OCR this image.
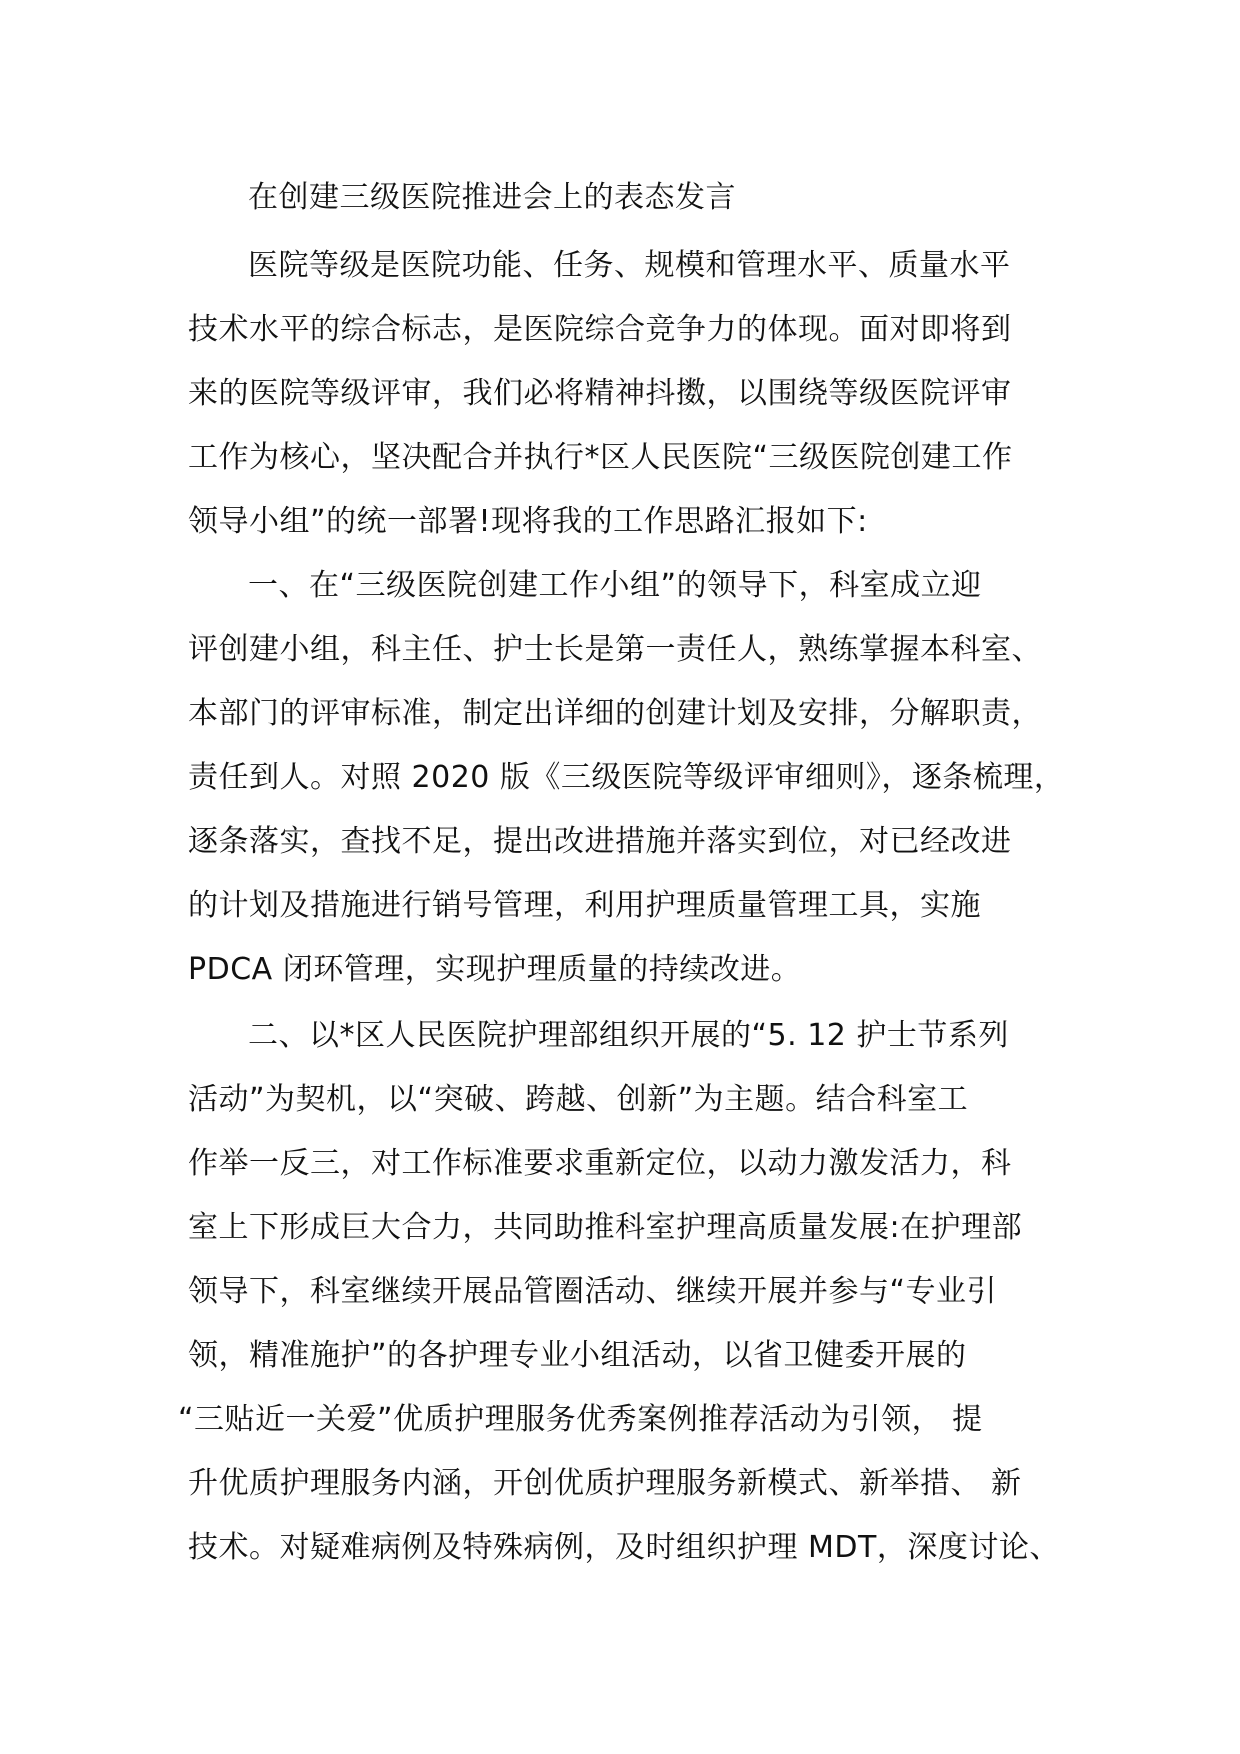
在创建三级医院推进会上的表态发言
医院等级是医院功能、任务、规模和管理水平、质量水平
技术水平的综合标志，是医院综合竞争力的体现。面对即将到
来的医院等级评审，我们必将精神抖擞，以围绕等级医院评审
工作为核心，坚决配合并执行*区人民医院“三级医院创建工作
领导小组”的统一部署!现将我的工作思路汇报如下:
一、在“三级医院创建工作小组”的领导下，科室成立迎
评创建小组，科主任、护士长是第一责任人，熟练掌握本科室、
本部门的评审标准，制定出详细的创建计划及安排，分解职责，
责任到人。对照 2020 版《三级医院等级评审细则》，逐条梳理，
逐条落实，查找不足，提出改进措施并落实到位，对已经改进
的计划及措施进行销号管理，利用护理质量管理工具，实施
PDCA 闭环管理，实现护理质量的持续改进。
二、以*区人民医院护理部组织开展的“5. 12 护士节系列
活动”为契机，以“突破、跨越、创新”为主题。结合科室工
作举一反三，对工作标准要求重新定位，以动力激发活力，科
室上下形成巨大合力，共同助推科室护理高质量发展:在护理部
领导下，科室继续开展品管圈活动、继续开展并参与“专业引
领，精准施护”的各护理专业小组活动，以省卫健委开展的
“三贴近一关爱”优质护理服务优秀案例推荐活动为引领， 提
升优质护理服务内涵，开创优质护理服务新模式、新举措、 新
技术。对疑难病例及特殊病例，及时组织护理 MDT，深度讨论、
